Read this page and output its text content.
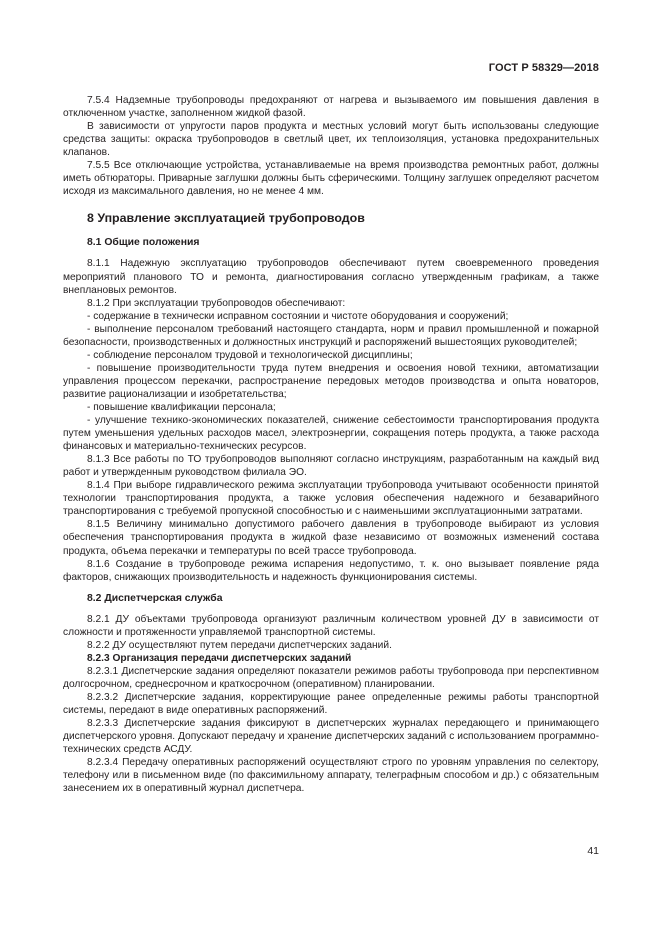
ГОСТ Р 58329—2018

7.5.4 Надземные трубопроводы предохраняют от нагрева и вызываемого им повышения давления в отключенном участке, заполненном жидкой фазой.

В зависимости от упругости паров продукта и местных условий могут быть использованы следующие средства защиты: окраска трубопроводов в светлый цвет, их теплоизоляция, установка предохранительных клапанов.

7.5.5 Все отключающие устройства, устанавливаемые на время производства ремонтных работ, должны иметь обтюраторы. Приварные заглушки должны быть сферическими. Толщину заглушек определяют расчетом исходя из максимального давления, но не менее 4 мм.

8 Управление эксплуатацией трубопроводов

8.1 Общие положения

8.1.1 Надежную эксплуатацию трубопроводов обеспечивают путем своевременного проведения мероприятий планового ТО и ремонта, диагностирования согласно утвержденным графикам, а также внеплановых ремонтов.

8.1.2 При эксплуатации трубопроводов обеспечивают:

- содержание в технически исправном состоянии и чистоте оборудования и сооружений;

- выполнение персоналом требований настоящего стандарта, норм и правил промышленной и пожарной безопасности, производственных и должностных инструкций и распоряжений вышестоящих руководителей;

- соблюдение персоналом трудовой и технологической дисциплины;

- повышение производительности труда путем внедрения и освоения новой техники, автоматизации управления процессом перекачки, распространение передовых методов производства и опыта новаторов, развитие рационализации и изобретательства;

- повышение квалификации персонала;

- улучшение технико-экономических показателей, снижение себестоимости транспортирования продукта путем уменьшения удельных расходов масел, электроэнергии, сокращения потерь продукта, а также расхода финансовых и материально-технических ресурсов.

8.1.3 Все работы по ТО трубопроводов выполняют согласно инструкциям, разработанным на каждый вид работ и утвержденным руководством филиала ЭО.

8.1.4 При выборе гидравлического режима эксплуатации трубопровода учитывают особенности принятой технологии транспортирования продукта, а также условия обеспечения надежного и безаварийного транспортирования с требуемой пропускной способностью и с наименьшими эксплуатационными затратами.

8.1.5 Величину минимально допустимого рабочего давления в трубопроводе выбирают из условия обеспечения транспортирования продукта в жидкой фазе независимо от возможных изменений состава продукта, объема перекачки и температуры по всей трассе трубопровода.

8.1.6 Создание в трубопроводе режима испарения недопустимо, т. к. оно вызывает появление ряда факторов, снижающих производительность и надежность функционирования системы.

8.2 Диспетчерская служба

8.2.1 ДУ объектами трубопровода организуют различным количеством уровней ДУ в зависимости от сложности и протяженности управляемой транспортной системы.

8.2.2 ДУ осуществляют путем передачи диспетчерских заданий.

8.2.3 Организация передачи диспетчерских заданий

8.2.3.1 Диспетчерские задания определяют показатели режимов работы трубопровода при перспективном долгосрочном, среднесрочном и краткосрочном (оперативном) планировании.

8.2.3.2 Диспетчерские задания, корректирующие ранее определенные режимы работы транспортной системы, передают в виде оперативных распоряжений.

8.2.3.3 Диспетчерские задания фиксируют в диспетчерских журналах передающего и принимающего диспетчерского уровня. Допускают передачу и хранение диспетчерских заданий с использованием программно-технических средств АСДУ.

8.2.3.4 Передачу оперативных распоряжений осуществляют строго по уровням управления по селектору, телефону или в письменном виде (по факсимильному аппарату, телеграфным способом и др.) с обязательным занесением их в оперативный журнал диспетчера.

41
